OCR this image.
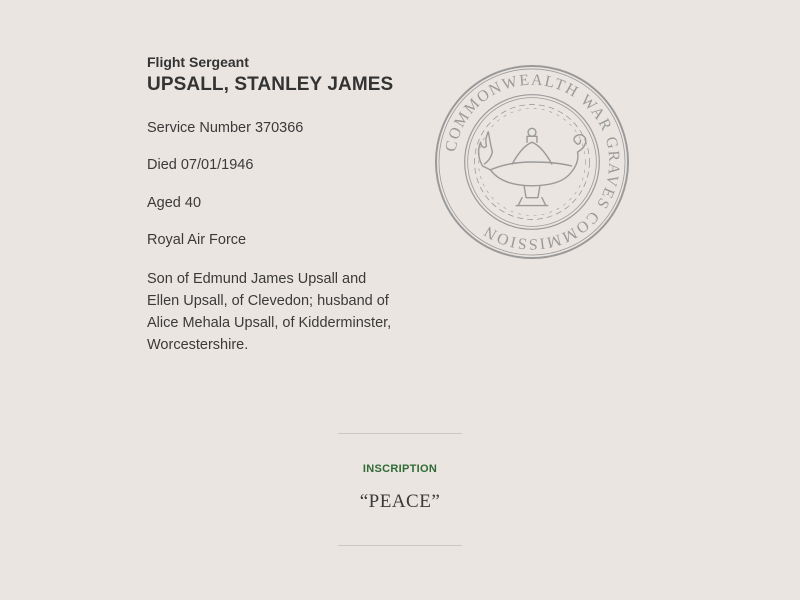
Flight Sergeant
UPSALL, STANLEY JAMES
Service Number 370366
Died 07/01/1946
Aged 40
Royal Air Force
Son of Edmund James Upsall and Ellen Upsall, of Clevedon; husband of Alice Mehala Upsall, of Kidderminster, Worcestershire.
COMMONWEALTH WAR GRAVES COMMISSION
INSCRIPTION
“PEACE”
